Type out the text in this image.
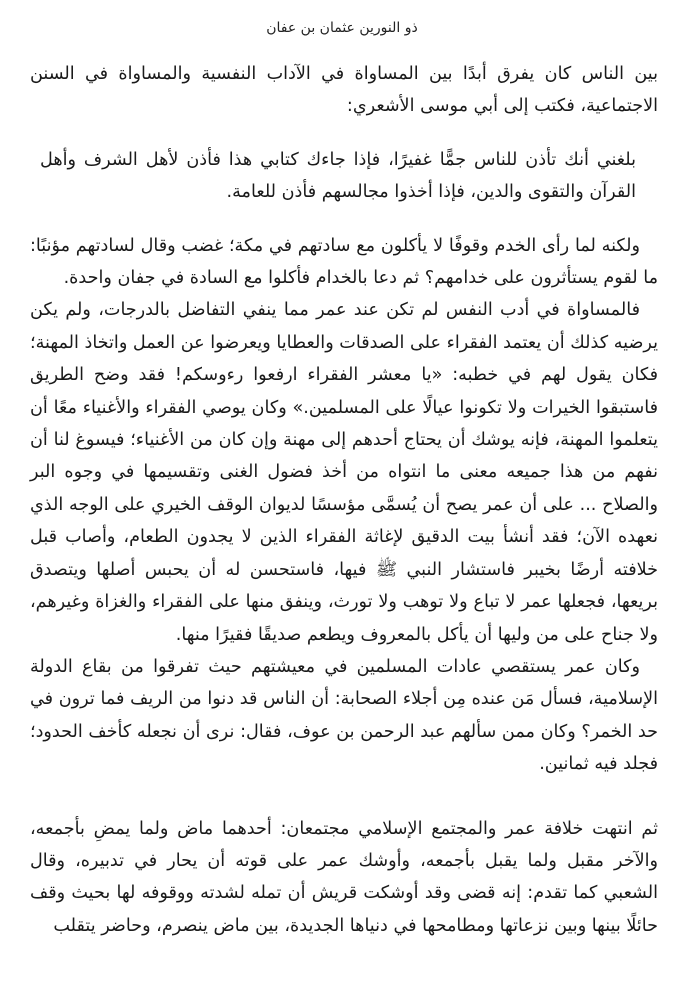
ذو النورين عثمان بن عفان

بين الناس كان يفرق أبدًا بين المساواة في الآداب النفسية والمساواة في السنن الاجتماعية، فكتب إلى أبي موسى الأشعري:

بلغني أنك تأذن للناس جمًّا غفيرًا، فإذا جاءك كتابي هذا فأذن لأهل الشرف وأهل القرآن والتقوى والدين، فإذا أخذوا مجالسهم فأذن للعامة.

ولكنه لما رأى الخدم وقوفًا لا يأكلون مع سادتهم في مكة؛ غضب وقال لسادتهم مؤنبًا: ما لقوم يستأثرون على خدامهم؟ ثم دعا بالخدام فأكلوا مع السادة في جفان واحدة.

فالمساواة في أدب النفس لم تكن عند عمر مما ينفي التفاضل بالدرجات، ولم يكن يرضيه كذلك أن يعتمد الفقراء على الصدقات والعطايا ويعرضوا عن العمل واتخاذ المهنة؛ فكان يقول لهم في خطبه: «يا معشر الفقراء ارفعوا رءوسكم! فقد وضح الطريق فاستبقوا الخيرات ولا تكونوا عيالًا على المسلمين.» وكان يوصي الفقراء والأغنياء معًا أن يتعلموا المهنة، فإنه يوشك أن يحتاج أحدهم إلى مهنة وإن كان من الأغنياء؛ فيسوغ لنا أن نفهم من هذا جميعه معنى ما انتواه من أخذ فضول الغنى وتقسيمها في وجوه البر والصلاح ... على أن عمر يصح أن يُسمَّى مؤسسًا لديوان الوقف الخيري على الوجه الذي نعهده الآن؛ فقد أنشأ بيت الدقيق لإغاثة الفقراء الذين لا يجدون الطعام، وأصاب قبل خلافته أرضًا بخيبر فاستشار النبي ﷺ فيها، فاستحسن له أن يحبس أصلها ويتصدق بريعها، فجعلها عمر لا تباع ولا توهب ولا تورث، وينفق منها على الفقراء والغزاة وغيرهم، ولا جناح على من وليها أن يأكل بالمعروف ويطعم صديقًا فقيرًا منها.

وكان عمر يستقصي عادات المسلمين في معيشتهم حيث تفرقوا من بقاع الدولة الإسلامية، فسأل مَن عنده مِن أجلاء الصحابة: أن الناس قد دنوا من الريف فما ترون في حد الخمر؟ وكان ممن سألهم عبد الرحمن بن عوف، فقال: نرى أن نجعله كأخف الحدود؛ فجلد فيه ثمانين.

ثم انتهت خلافة عمر والمجتمع الإسلامي مجتمعان: أحدهما ماض ولما يمضِ بأجمعه، والآخر مقبل ولما يقبل بأجمعه، وأوشك عمر على قوته أن يحار في تدبيره، وقال الشعبي كما تقدم: إنه قضى وقد أوشكت قريش أن تمله لشدته ووقوفه لها بحيث وقف حائلًا بينها وبين نزعاتها ومطامحها في دنياها الجديدة، بين ماض ينصرم، وحاضر يتقلب
